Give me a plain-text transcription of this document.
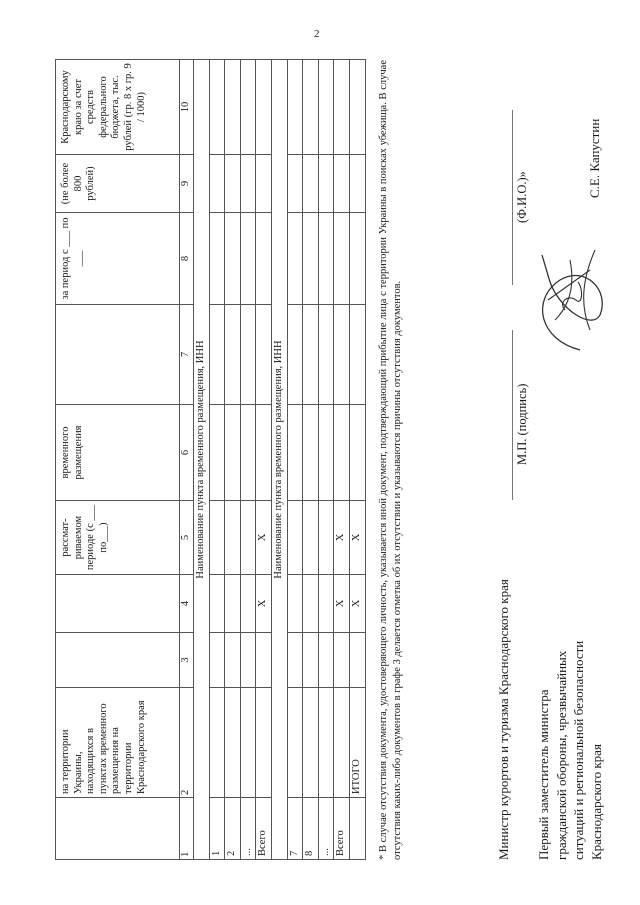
2
	на территории Украины, находящихся в пунктах временного размещения на территории Краснодарского края			рассмат-риваемом периоде (с ___ по___)	временного размещения		за период с ___ по ___	(не более 800 рублей)	Краснодарскому краю за счет средств федерального бюджета, тыс. рублей (гр. 8 х гр. 9 / 1000)
1	2	3	4	5	6	7	8	9	10
Наименование пункта временного размещения, ИНН									
1									
2									
...									
Всего			Х	Х					
Наименование пункта временного размещения, ИНН									
7									
8									
...									
Всего			Х	Х					
	ИТОГО		Х	Х					* В случае отсутствия документа, удостоверяющего личность, указывается иной документ, подтверждающий прибытие лица с территории Украины в поисках убежища. В случае отсутствия каких-либо документов в графе 3 делается отметка об их отсутствии и указываются причины отсутствия документов.	Министр курортов и туризма Краснодарского края
М.П. (подпись)
(Ф.И.О.)»
Первый заместитель министра гражданской обороны, чрезвычайных ситуаций и региональной безопасности Краснодарского края
С.Е. Капустин
